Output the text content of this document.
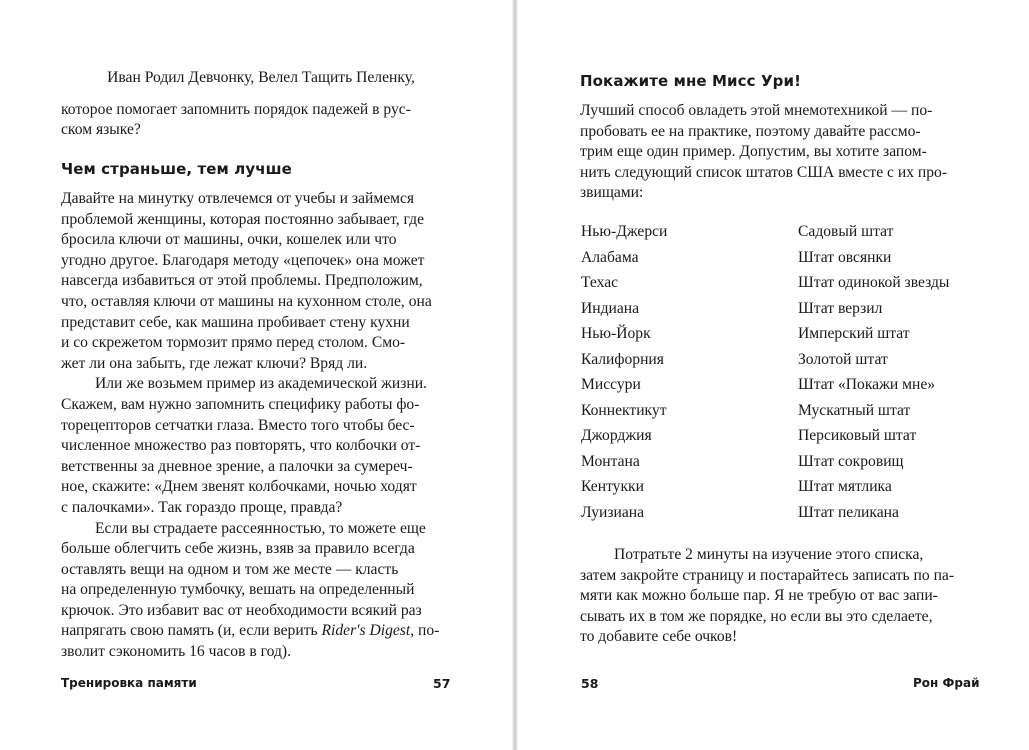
Иван Родил Девчонку, Велел Тащить Пеленку,
которое помогает запомнить порядок падежей в рус-
ском языке?
Чем страньше, тем лучше
Давайте на минутку отвлечемся от учебы и займемся
проблемой женщины, которая постоянно забывает, где
бросила ключи от машины, очки, кошелек или что
угодно другое. Благодаря методу «цепочек» она может
навсегда избавиться от этой проблемы. Предположим,
что, оставляя ключи от машины на кухонном столе, она
представит себе, как машина пробивает стену кухни
и со скрежетом тормозит прямо перед столом. Смо-
жет ли она забыть, где лежат ключи? Вряд ли.
Или же возьмем пример из академической жизни.
Скажем, вам нужно запомнить специфику работы фо-
торецепторов сетчатки глаза. Вместо того чтобы бес-
численное множество раз повторять, что колбочки от-
ветственны за дневное зрение, а палочки за сумереч-
ное, скажите: «Днем звенят колбочками, ночью ходят
с палочками». Так гораздо проще, правда?
Если вы страдаете рассеянностью, то можете еще
больше облегчить себе жизнь, взяв за правило всегда
оставлять вещи на одном и том же месте — класть
на определенную тумбочку, вешать на определенный
крючок. Это избавит вас от необходимости всякий раз
напрягать свою память (и, если верить Rider's Digest, по-
зволит сэкономить 16 часов в год).
Тренировка памяти	57
Покажите мне Мисс Ури!
Лучший способ овладеть этой мнемотехникой — по-
пробовать ее на практике, поэтому давайте рассмо-
трим еще один пример. Допустим, вы хотите запом-
нить следующий список штатов США вместе с их про-
звищами:
Нью-Джерси	Садовый штат
Алабама	Штат овсянки
Техас	Штат одинокой звезды
Индиана	Штат верзил
Нью-Йорк	Имперский штат
Калифорния	Золотой штат
Миссури	Штат «Покажи мне»
Коннектикут	Мускатный штат
Джорджия	Персиковый штат
Монтана	Штат сокровищ
Кентукки	Штат мятлика
Луизиана	Штат пеликана
Потратьте 2 минуты на изучение этого списка,
затем закройте страницу и постарайтесь записать по па-
мяти как можно больше пар. Я не требую от вас запи-
сывать их в том же порядке, но если вы это сделаете,
то добавите себе очков!
58	Рон Фрай
